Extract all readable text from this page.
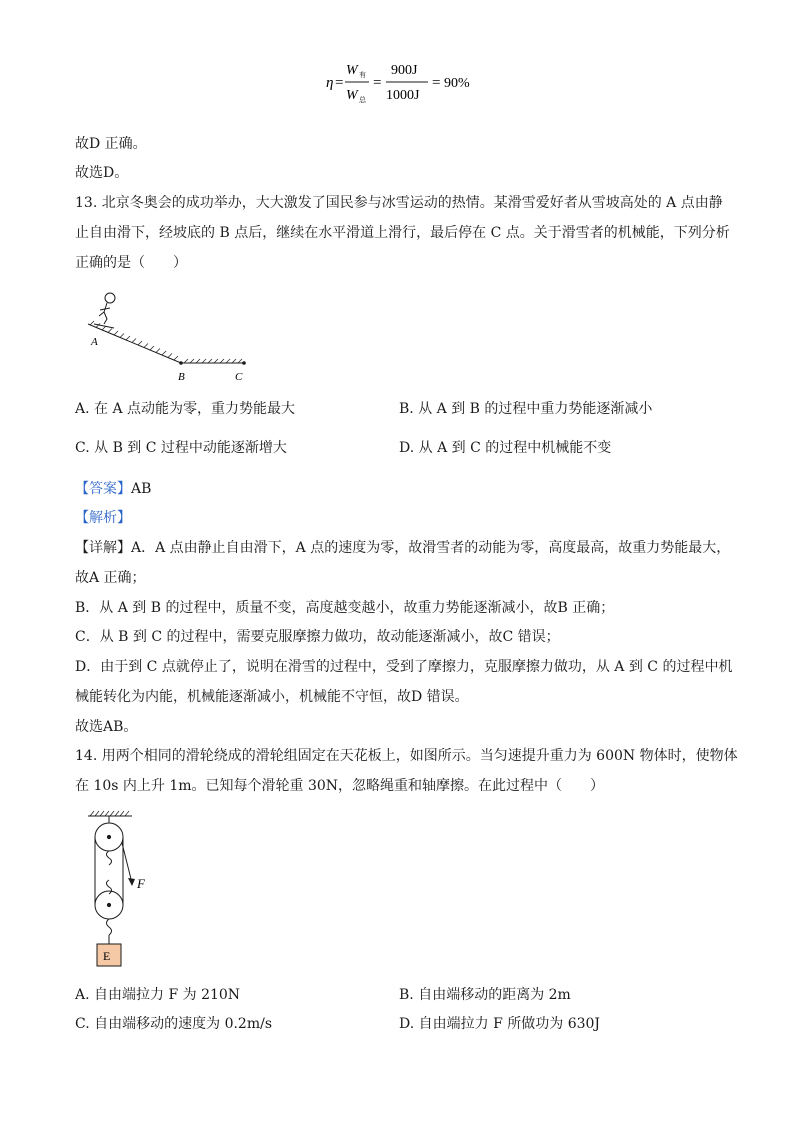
η =
W 有
W 总
=
900J
1000J
= 90%
故D 正确。
故选D。
13. 北京冬奥会的成功举办，大大激发了国民参与冰雪运动的热情。某滑雪爱好者从雪坡高处的 A 点由静
止自由滑下，经坡底的 B 点后，继续在水平滑道上滑行，最后停在 C 点。关于滑雪者的机械能，下列分析
正确的是（　　）
A
B	C
A. 在 A 点动能为零，重力势能最大	B. 从 A 到 B 的过程中重力势能逐渐减小
C. 从 B 到 C 过程中动能逐渐增大	D. 从 A 到 C 的过程中机械能不变
【答案】AB
【解析】
【详解】A．A 点由静止自由滑下，A 点的速度为零，故滑雪者的动能为零，高度最高，故重力势能最大，
故A 正确；
B．从 A 到 B 的过程中，质量不变，高度越变越小，故重力势能逐渐减小，故B 正确；
C．从 B 到 C 的过程中，需要克服摩擦力做功，故动能逐渐减小，故C 错误；
D．由于到 C 点就停止了，说明在滑雪的过程中，受到了摩擦力，克服摩擦力做功，从 A 到 C 的过程中机
械能转化为内能，机械能逐渐减小，机械能不守恒，故D 错误。
故选AB。
14. 用两个相同的滑轮绕成的滑轮组固定在天花板上，如图所示。当匀速提升重力为 600N 物体时，使物体
在 10s 内上升 1m。已知每个滑轮重 30N，忽略绳重和轴摩擦。在此过程中（　　）
F
E
A. 自由端拉力 F 为 210N	B. 自由端移动的距离为 2m
C. 自由端移动的速度为 0.2m/s	D. 自由端拉力 F 所做功为 630J
